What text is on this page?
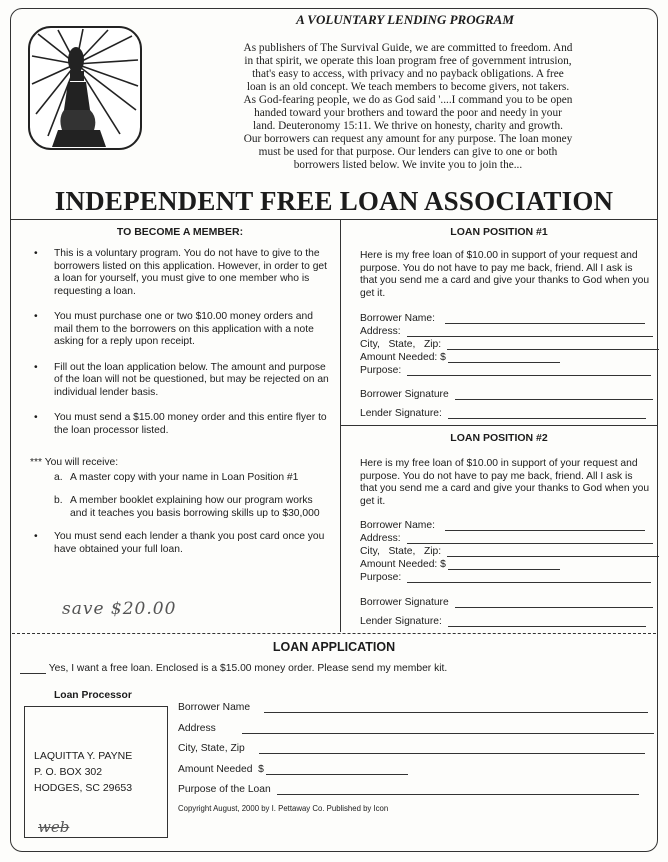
A VOLUNTARY LENDING PROGRAM
As publishers of The Survival Guide, we are committed to freedom. And
in that spirit, we operate this loan program free of government intrusion,
that's easy to access, with privacy and no payback obligations. A free
loan is an old concept. We teach members to become givers, not takers.
As God-fearing people, we do as God said '....I command you to be open
handed toward your brothers and toward the poor and needy in your
land. Deuteronomy 15:11. We thrive on honesty, charity and growth.
Our borrowers can request any amount for any purpose. The loan money
must be used for that purpose. Our lenders can give to one or both
borrowers listed below. We invite you to join the...
INDEPENDENT FREE LOAN ASSOCIATION
TO BECOME A MEMBER:
• This is a voluntary program. You do not have to give to the borrowers listed on this application. However, in order to get a loan for yourself, you must give to one member who is requesting a loan.
• You must purchase one or two $10.00 money orders and mail them to the borrowers on this application with a note asking for a reply upon receipt.
• Fill out the loan application below. The amount and purpose of the loan will not be questioned, but may be rejected on an individual lender basis.
• You must send a $15.00 money order and this entire flyer to the loan processor listed.
*** You will receive:
a. A master copy with your name in Loan Position #1
b. A member booklet explaining how our program works and it teaches you basis borrowing skills up to $30,000
• You must send each lender a thank you post card once you have obtained your full loan.
save $20.00
LOAN POSITION #1
Here is my free loan of $10.00 in support of your request and purpose. You do not have to pay me back, friend. All I ask is that you send me a card and give your thanks to God when you get it.
Borrower Name:
Address:
City,
State,
Zip:
Amount Needed:
$
Purpose:
Borrower Signature
Lender Signature:
LOAN POSITION #2
Here is my free loan of $10.00 in support of your request and purpose. You do not have to pay me back, friend. All I ask is that you send me a card and give your thanks to God when you get it.
Borrower Name:
Address:
City,
State,
Zip:
Amount Needed:
$
Purpose:
Borrower Signature
Lender Signature:
LOAN APPLICATION
Yes, I want a free loan. Enclosed is a $15.00 money order. Please send my member kit.
Loan Processor
LAQUITTA Y. PAYNE
P. O. BOX 302
HODGES, SC 29653
web
Borrower Name
Address
City, State, Zip
Amount Needed
$
Purpose of the Loan
Copyright August, 2000 by I. Pettaway Co. Published by Icon
